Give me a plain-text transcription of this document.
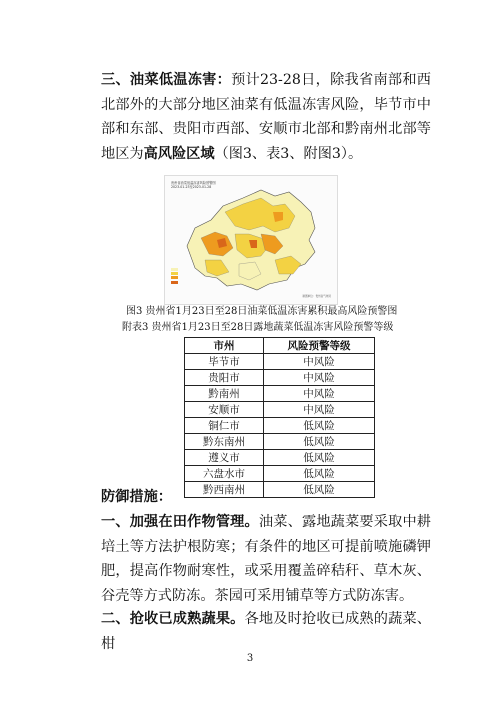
三、油菜低温冻害：预计23-28日，除我省南部和西北部外的大部分地区油菜有低温冻害风险，毕节市中部和东部、贵阳市西部、安顺市北部和黔南州北部等地区为高风险区域（图3、表3、附图3）。
贵州省油菜低温冻害风险预警图
2023-01-23至2023-01-28
制图单位：贵州省气象局
图3 贵州省1月23日至28日油菜低温冻害累积最高风险预警图
附表3 贵州省1月23日至28日露地蔬菜低温冻害风险预警等级
市州	风险预警等级
毕节市	中风险
贵阳市	中风险
黔南州	中风险
安顺市	中风险
铜仁市	低风险
黔东南州	低风险
遵义市	低风险
六盘水市	低风险
黔西南州	低风险
防御措施：
一、加强在田作物管理。油菜、露地蔬菜要采取中耕培土等方法护根防寒；有条件的地区可提前喷施磷钾肥，提高作物耐寒性，或采用覆盖碎秸秆、草木灰、谷壳等方式防冻。茶园可采用铺草等方式防冻害。
二、抢收已成熟蔬果。各地及时抢收已成熟的蔬菜、柑
3
